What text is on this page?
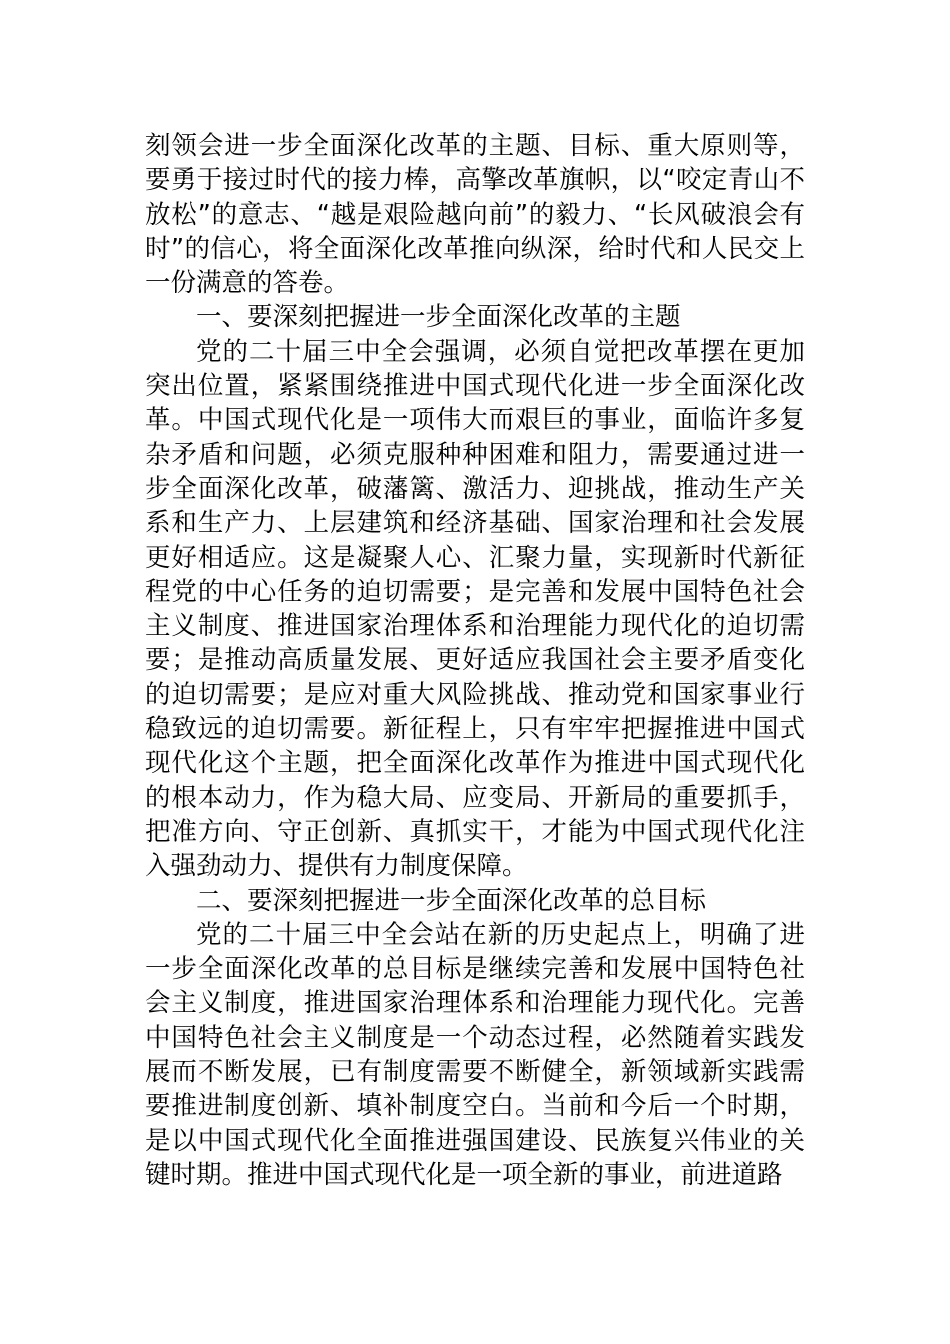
刻领会进一步全面深化改革的主题、目标、重大原则等，要勇于接过时代的接力棒，高擎改革旗帜，以“咬定青山不放松”的意志、“越是艰险越向前”的毅力、“长风破浪会有时”的信心，将全面深化改革推向纵深，给时代和人民交上一份满意的答卷。

一、要深刻把握进一步全面深化改革的主题

党的二十届三中全会强调，必须自觉把改革摆在更加突出位置，紧紧围绕推进中国式现代化进一步全面深化改革。中国式现代化是一项伟大而艰巨的事业，面临许多复杂矛盾和问题，必须克服种种困难和阻力，需要通过进一步全面深化改革，破藩篱、激活力、迎挑战，推动生产关系和生产力、上层建筑和经济基础、国家治理和社会发展更好相适应。这是凝聚人心、汇聚力量，实现新时代新征程党的中心任务的迫切需要；是完善和发展中国特色社会主义制度、推进国家治理体系和治理能力现代化的迫切需要；是推动高质量发展、更好适应我国社会主要矛盾变化的迫切需要；是应对重大风险挑战、推动党和国家事业行稳致远的迫切需要。新征程上，只有牢牢把握推进中国式现代化这个主题，把全面深化改革作为推进中国式现代化的根本动力，作为稳大局、应变局、开新局的重要抓手，把准方向、守正创新、真抓实干，才能为中国式现代化注入强劲动力、提供有力制度保障。

二、要深刻把握进一步全面深化改革的总目标

党的二十届三中全会站在新的历史起点上，明确了进一步全面深化改革的总目标是继续完善和发展中国特色社会主义制度，推进国家治理体系和治理能力现代化。完善中国特色社会主义制度是一个动态过程，必然随着实践发展而不断发展，已有制度需要不断健全，新领域新实践需要推进制度创新、填补制度空白。当前和今后一个时期，是以中国式现代化全面推进强国建设、民族复兴伟业的关键时期。推进中国式现代化是一项全新的事业，前进道路
